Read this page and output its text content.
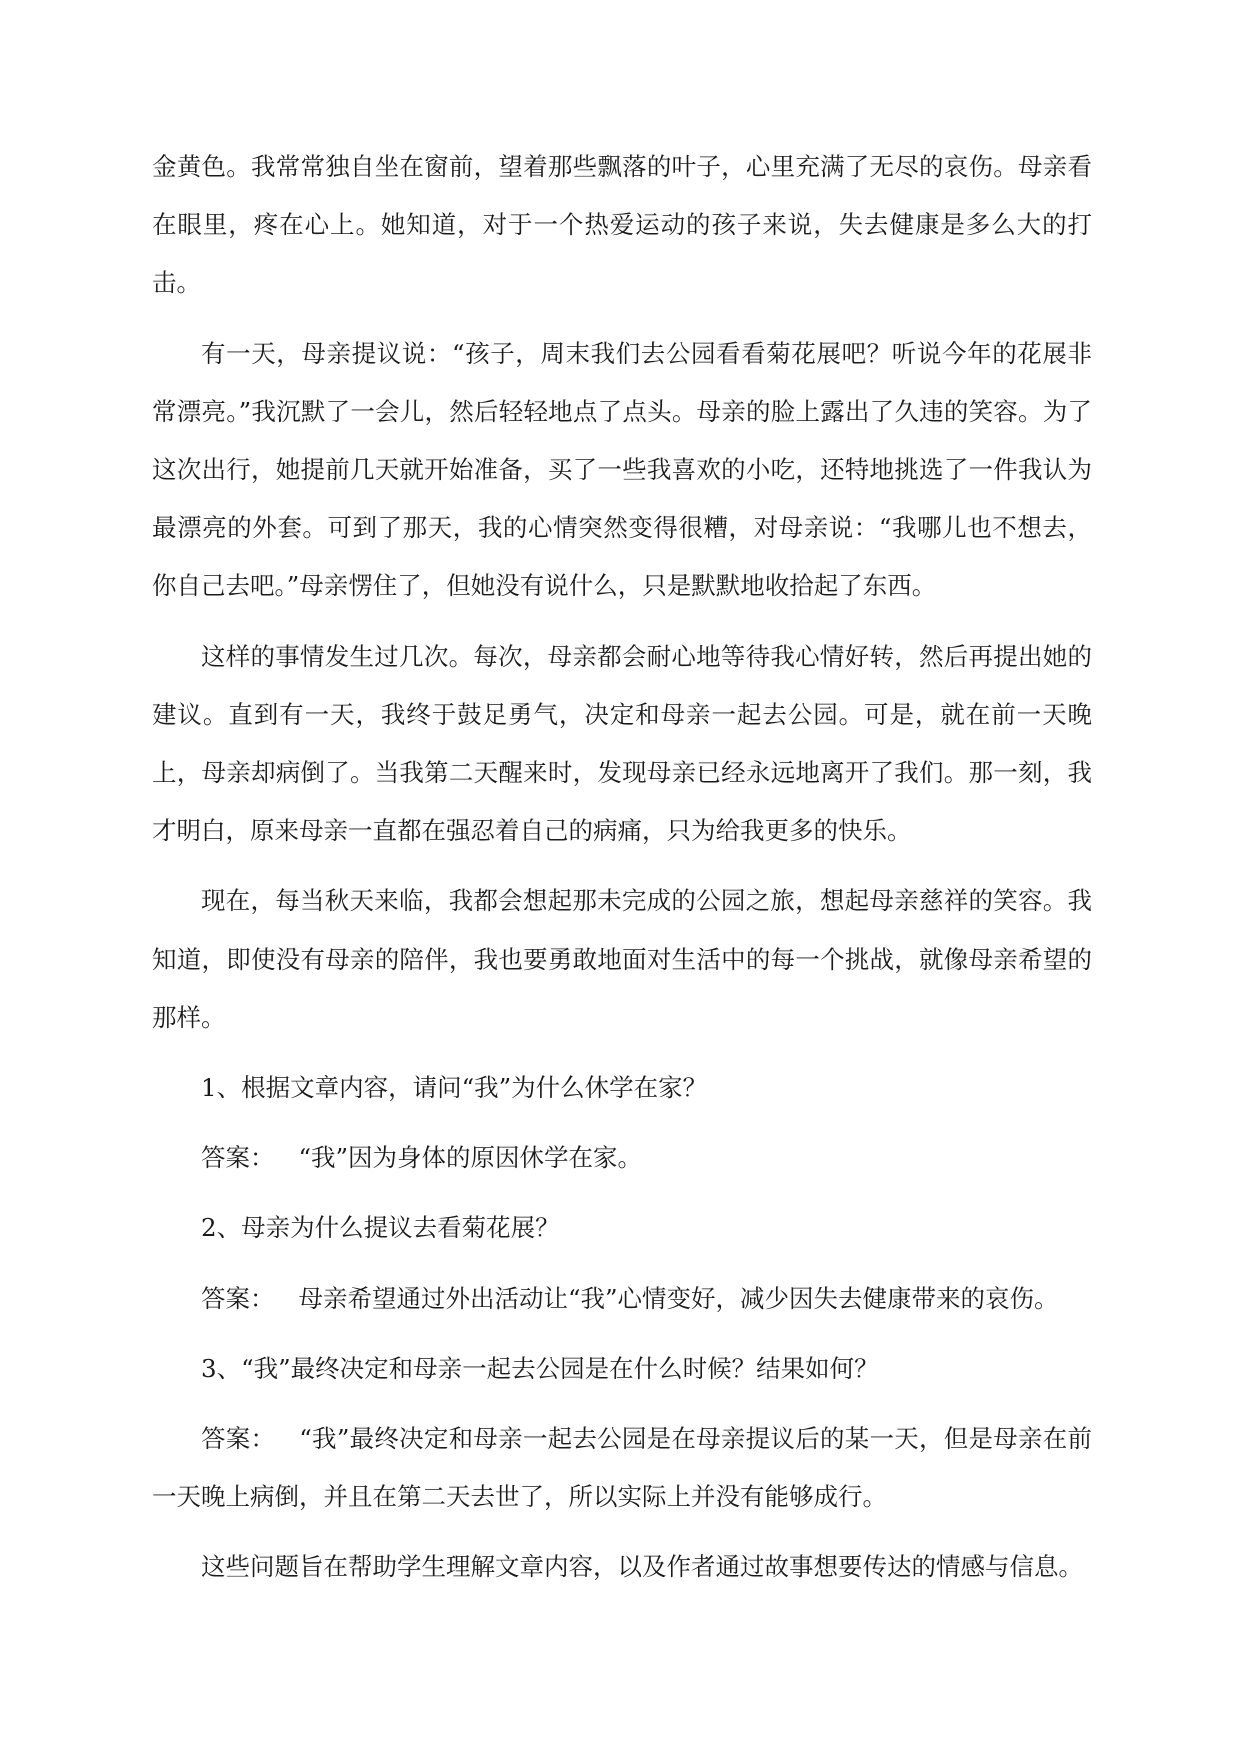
金黄色。我常常独自坐在窗前，望着那些飘落的叶子，心里充满了无尽的哀伤。母亲看在眼里，疼在心上。她知道，对于一个热爱运动的孩子来说，失去健康是多么大的打击。

有一天，母亲提议说：“孩子，周末我们去公园看看菊花展吧？听说今年的花展非常漂亮。”我沉默了一会儿，然后轻轻地点了点头。母亲的脸上露出了久违的笑容。为了这次出行，她提前几天就开始准备，买了一些我喜欢的小吃，还特地挑选了一件我认为最漂亮的外套。可到了那天，我的心情突然变得很糟，对母亲说：“我哪儿也不想去，你自己去吧。”母亲愣住了，但她没有说什么，只是默默地收拾起了东西。

这样的事情发生过几次。每次，母亲都会耐心地等待我心情好转，然后再提出她的建议。直到有一天，我终于鼓足勇气，决定和母亲一起去公园。可是，就在前一天晚上，母亲却病倒了。当我第二天醒来时，发现母亲已经永远地离开了我们。那一刻，我才明白，原来母亲一直都在强忍着自己的病痛，只为给我更多的快乐。

现在，每当秋天来临，我都会想起那未完成的公园之旅，想起母亲慈祥的笑容。我知道，即使没有母亲的陪伴，我也要勇敢地面对生活中的每一个挑战，就像母亲希望的那样。

1、根据文章内容，请问“我”为什么休学在家？

答案： “我”因为身体的原因休学在家。

2、母亲为什么提议去看菊花展？

答案： 母亲希望通过外出活动让“我”心情变好，减少因失去健康带来的哀伤。

3、“我”最终决定和母亲一起去公园是在什么时候？结果如何？

答案： “我”最终决定和母亲一起去公园是在母亲提议后的某一天，但是母亲在前一天晚上病倒，并且在第二天去世了，所以实际上并没有能够成行。

这些问题旨在帮助学生理解文章内容，以及作者通过故事想要传达的情感与信息。
